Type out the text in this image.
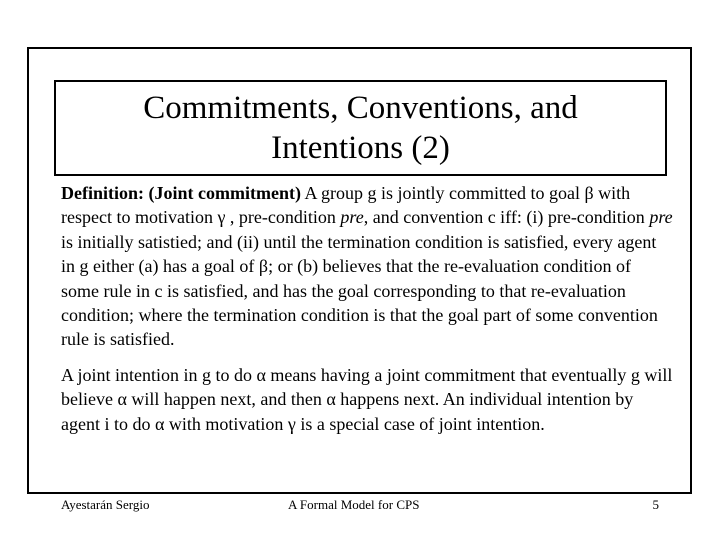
Commitments, Conventions, and
Intentions (2)

Definition: (Joint commitment) A group g is jointly committed to goal β with respect to motivation γ , pre-condition pre, and convention c iff: (i) pre-condition pre is initially satistied; and (ii) until the termination condition is satisfied, every agent in g either (a) has a goal of β; or (b) believes that the re-evaluation condition of some rule in c is satisfied, and has the goal corresponding to that re-evaluation condition; where the termination condition is that the goal part of some convention rule is satisfied.

A joint intention in g to do α means having a joint commitment that eventually g will believe α will happen next, and then α happens next. An individual intention by agent i to do α with motivation γ is a special case of joint intention.

Ayestarán Sergio	A Formal Model for CPS	5
